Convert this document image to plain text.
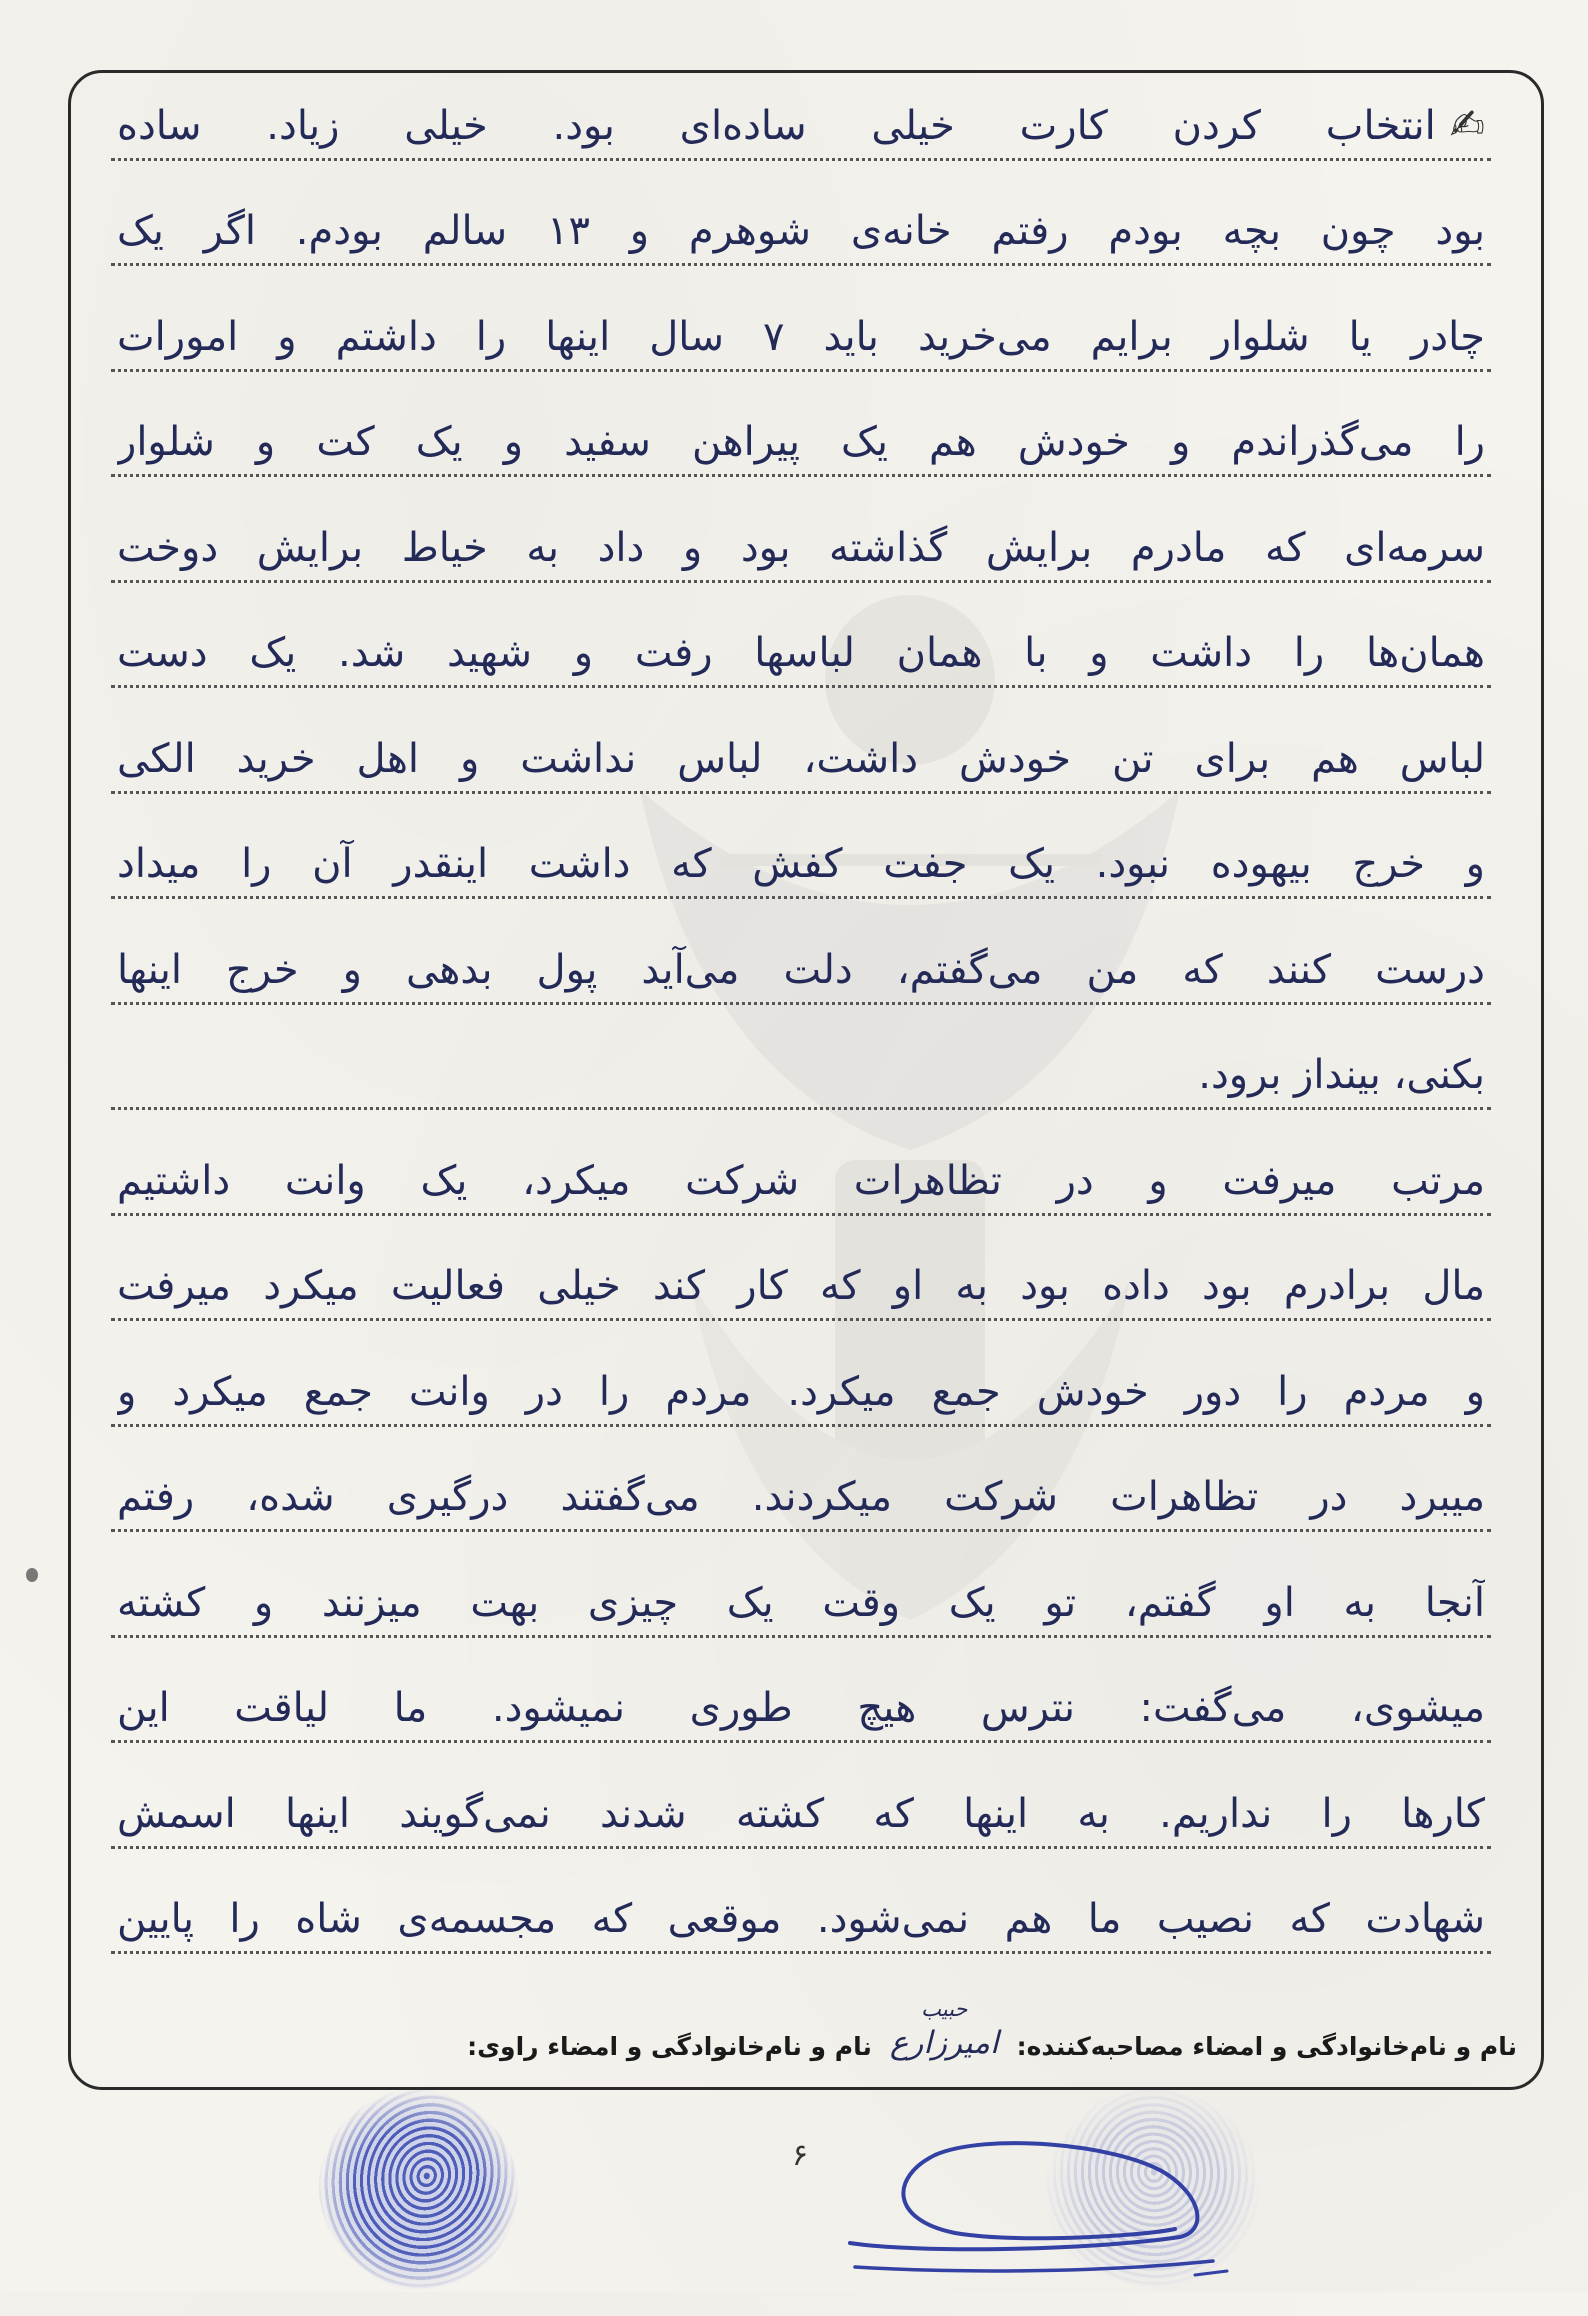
✍
انتخاب کردن کارت خیلی ساده‌ای بود. خیلی زیاد. ساده
بود چون بچه بودم رفتم خانه‌ی شوهرم و ۱۳ سالم بودم. اگر یک
چادر یا شلوار برایم می‌خرید باید ۷ سال اینها را داشتم و امورات
را می‌گذراندم و خودش هم یک پیراهن سفید و یک کت و شلوار
سرمه‌ای که مادرم برایش گذاشته بود و داد به خیاط برایش دوخت
همان‌ها را داشت و با همان لباسها رفت و شهید شد. یک دست
لباس هم برای تن خودش داشت، لباس نداشت و اهل خرید الکی
و خرج بیهوده نبود. یک جفت کفش که داشت اینقدر آن را میداد
درست کنند که من می‌گفتم، دلت می‌آید پول بدهی و خرج اینها
بکنی، بینداز برود.
مرتب میرفت و در تظاهرات شرکت میکرد، یک وانت داشتیم
مال برادرم بود داده بود به او که کار کند خیلی فعالیت میکرد میرفت
و مردم را دور خودش جمع میکرد. مردم را در وانت جمع میکرد و
میبرد در تظاهرات شرکت میکردند. می‌گفتند درگیری شده، رفتم
آنجا به او گفتم، تو یک وقت یک چیزی بهت میزنند و کشته
میشوی، می‌گفت: نترس هیچ طوری نمیشود. ما لیاقت این
کارها را نداریم. به اینها که کشته شدند نمی‌گویند اینها اسمش
شهادت که نصیب ما هم نمی‌شود. موقعی که مجسمه‌ی شاه را پایین
نام و نام‌خانوادگی و امضاء مصاحبه‌کننده:
حبیب
امیرزارع
نام و نام‌خانوادگی و امضاء راوی:
۶
